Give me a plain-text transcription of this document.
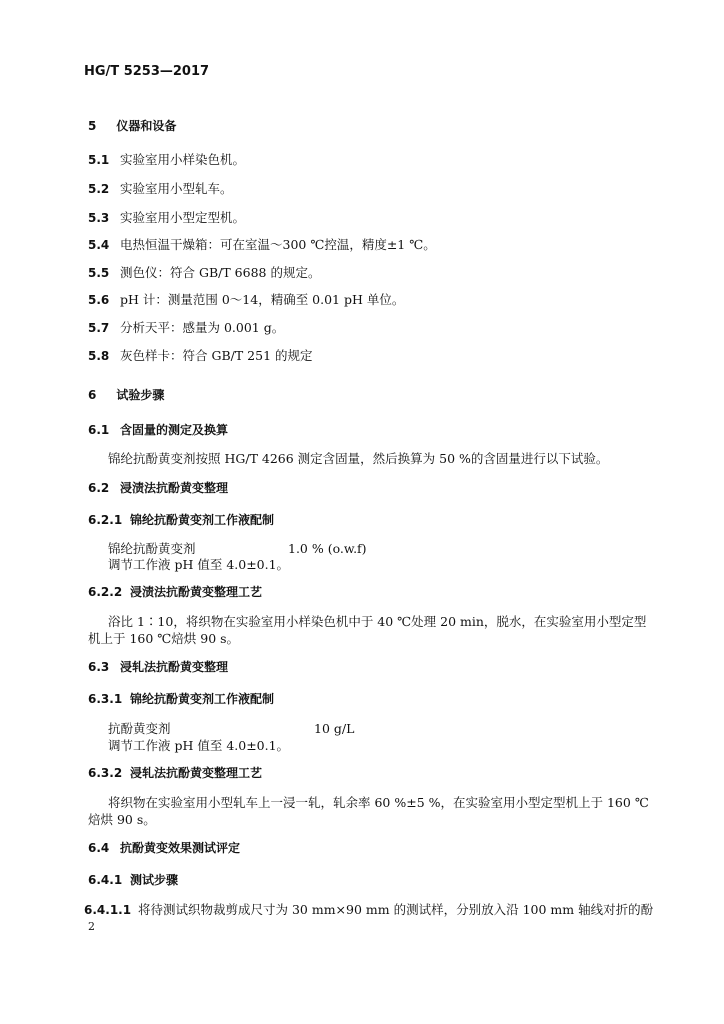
HG/T 5253—2017
5 仪器和设备
5.1 实验室用小样染色机。
5.2 实验室用小型轧车。
5.3 实验室用小型定型机。
5.4 电热恒温干燥箱：可在室温～300 ℃控温，精度±1 ℃。
5.5 测色仪：符合 GB/T 6688 的规定。
5.6 pH 计：测量范围 0～14，精确至 0.01 pH 单位。
5.7 分析天平：感量为 0.001 g。
5.8 灰色样卡：符合 GB/T 251 的规定
6 试验步骤
6.1 含固量的测定及换算
锦纶抗酚黄变剂按照 HG/T 4266 测定含固量，然后换算为 50 %的含固量进行以下试验。
6.2 浸渍法抗酚黄变整理
6.2.1 锦纶抗酚黄变剂工作液配制
锦纶抗酚黄变剂	1.0 % (o.w.f)
调节工作液 pH 值至 4.0±0.1。
6.2.2 浸渍法抗酚黄变整理工艺
浴比 1∶10，将织物在实验室用小样染色机中于 40 ℃处理 20 min，脱水，在实验室用小型定型
机上于 160 ℃焙烘 90 s。
6.3 浸轧法抗酚黄变整理
6.3.1 锦纶抗酚黄变剂工作液配制
抗酚黄变剂	10 g/L
调节工作液 pH 值至 4.0±0.1。
6.3.2 浸轧法抗酚黄变整理工艺
将织物在实验室用小型轧车上一浸一轧，轧余率 60 %±5 %，在实验室用小型定型机上于 160 ℃
焙烘 90 s。
6.4 抗酚黄变效果测试评定
6.4.1 测试步骤
6.4.1.1 将待测试织物裁剪成尺寸为 30 mm×90 mm 的测试样，分别放入沿 100 mm 轴线对折的酚
2
